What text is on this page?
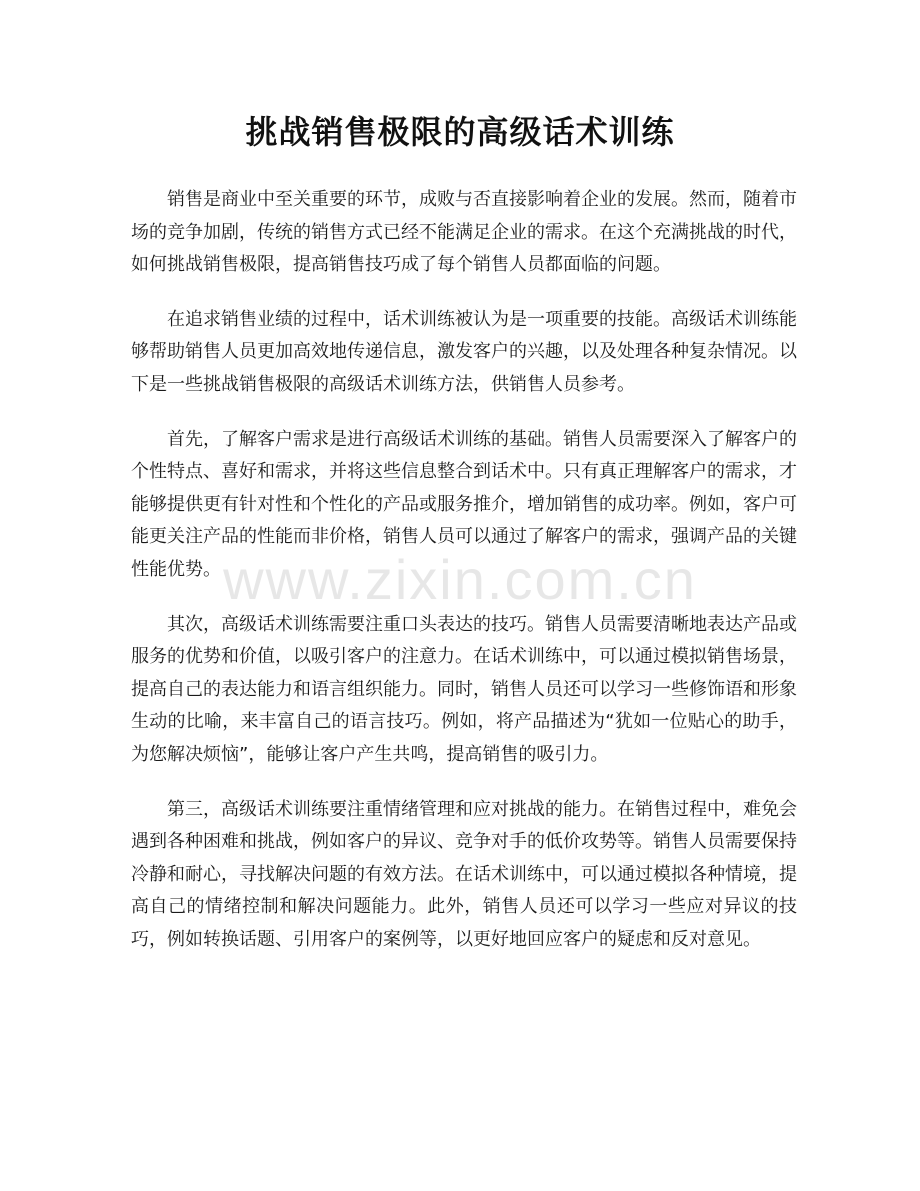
挑战销售极限的高级话术训练

销售是商业中至关重要的环节，成败与否直接影响着企业的发展。然而，随着市场的竞争加剧，传统的销售方式已经不能满足企业的需求。在这个充满挑战的时代，如何挑战销售极限，提高销售技巧成了每个销售人员都面临的问题。

在追求销售业绩的过程中，话术训练被认为是一项重要的技能。高级话术训练能够帮助销售人员更加高效地传递信息，激发客户的兴趣，以及处理各种复杂情况。以下是一些挑战销售极限的高级话术训练方法，供销售人员参考。

首先，了解客户需求是进行高级话术训练的基础。销售人员需要深入了解客户的个性特点、喜好和需求，并将这些信息整合到话术中。只有真正理解客户的需求，才能够提供更有针对性和个性化的产品或服务推介，增加销售的成功率。例如，客户可能更关注产品的性能而非价格，销售人员可以通过了解客户的需求，强调产品的关键性能优势。

其次，高级话术训练需要注重口头表达的技巧。销售人员需要清晰地表达产品或服务的优势和价值，以吸引客户的注意力。在话术训练中，可以通过模拟销售场景，提高自己的表达能力和语言组织能力。同时，销售人员还可以学习一些修饰语和形象生动的比喻，来丰富自己的语言技巧。例如，将产品描述为“犹如一位贴心的助手，为您解决烦恼”，能够让客户产生共鸣，提高销售的吸引力。

第三，高级话术训练要注重情绪管理和应对挑战的能力。在销售过程中，难免会遇到各种困难和挑战，例如客户的异议、竞争对手的低价攻势等。销售人员需要保持冷静和耐心，寻找解决问题的有效方法。在话术训练中，可以通过模拟各种情境，提高自己的情绪控制和解决问题能力。此外，销售人员还可以学习一些应对异议的技巧，例如转换话题、引用客户的案例等，以更好地回应客户的疑虑和反对意见。

www.zixin.com.cn
